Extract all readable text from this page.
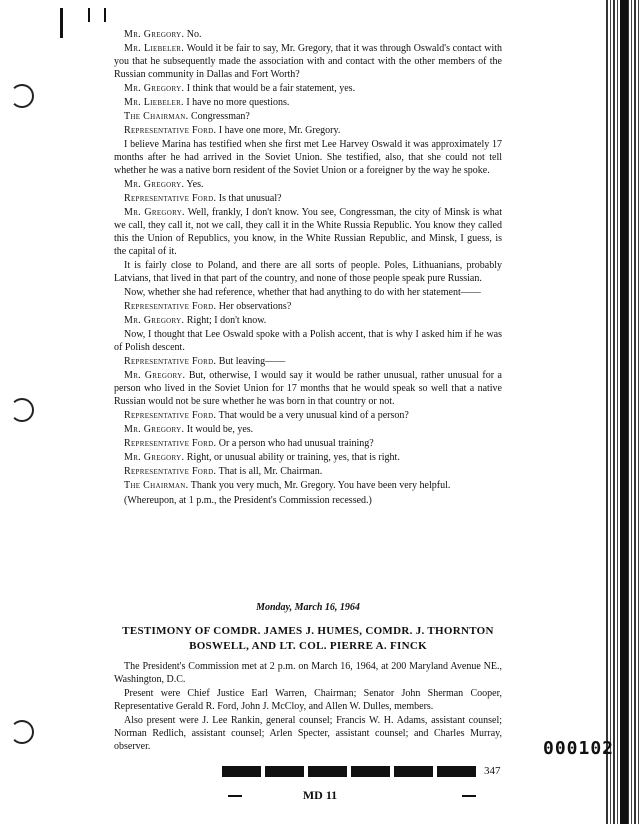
Mr. Gregory. No.

Mr. Liebeler. Would it be fair to say, Mr. Gregory, that it was through Oswald's contact with you that he subsequently made the association with and contact with the other members of the Russian community in Dallas and Fort Worth?

Mr. Gregory. I think that would be a fair statement, yes.

Mr. Liebeler. I have no more questions.

The Chairman. Congressman?

Representative Ford. I have one more, Mr. Gregory.

I believe Marina has testified when she first met Lee Harvey Oswald it was approximately 17 months after he had arrived in the Soviet Union. She testified, also, that she could not tell whether he was a native born resident of the Soviet Union or a foreigner by the way he spoke.

Mr. Gregory. Yes.

Representative Ford. Is that unusual?

Mr. Gregory. Well, frankly, I don't know. You see, Congressman, the city of Minsk is what we call, they call it, not we call, they call it in the White Russia Republic. You know they called this the Union of Republics, you know, in the White Russian Republic, and Minsk, I guess, is the capital of it.

It is fairly close to Poland, and there are all sorts of people. Poles, Lithuanians, probably Latvians, that lived in that part of the country, and none of those people speak pure Russian.

Now, whether she had reference, whether that had anything to do with her statement——

Representative Ford. Her observations?

Mr. Gregory. Right; I don't know.

Now, I thought that Lee Oswald spoke with a Polish accent, that is why I asked him if he was of Polish descent.

Representative Ford. But leaving——

Mr. Gregory. But, otherwise, I would say it would be rather unusual, rather unusual for a person who lived in the Soviet Union for 17 months that he would speak so well that a native Russian would not be sure whether he was born in that country or not.

Representative Ford. That would be a very unusual kind of a person?

Mr. Gregory. It would be, yes.

Representative Ford. Or a person who had unusual training?

Mr. Gregory. Right, or unusual ability or training, yes, that is right.

Representative Ford. That is all, Mr. Chairman.

The Chairman. Thank you very much, Mr. Gregory. You have been very helpful.

(Whereupon, at 1 p.m., the President's Commission recessed.)

Monday, March 16, 1964
TESTIMONY OF COMDR. JAMES J. HUMES, COMDR. J. THORNTON BOSWELL, AND LT. COL. PIERRE A. FINCK

The President's Commission met at 2 p.m. on March 16, 1964, at 200 Maryland Avenue NE., Washington, D.C.

Present were Chief Justice Earl Warren, Chairman; Senator John Sherman Cooper, Representative Gerald R. Ford, John J. McCloy, and Allen W. Dulles, members.

Also present were J. Lee Rankin, general counsel; Francis W. H. Adams, assistant counsel; Norman Redlich, assistant counsel; Arlen Specter, assistant counsel; and Charles Murray, observer.	000102
347
MD 11
